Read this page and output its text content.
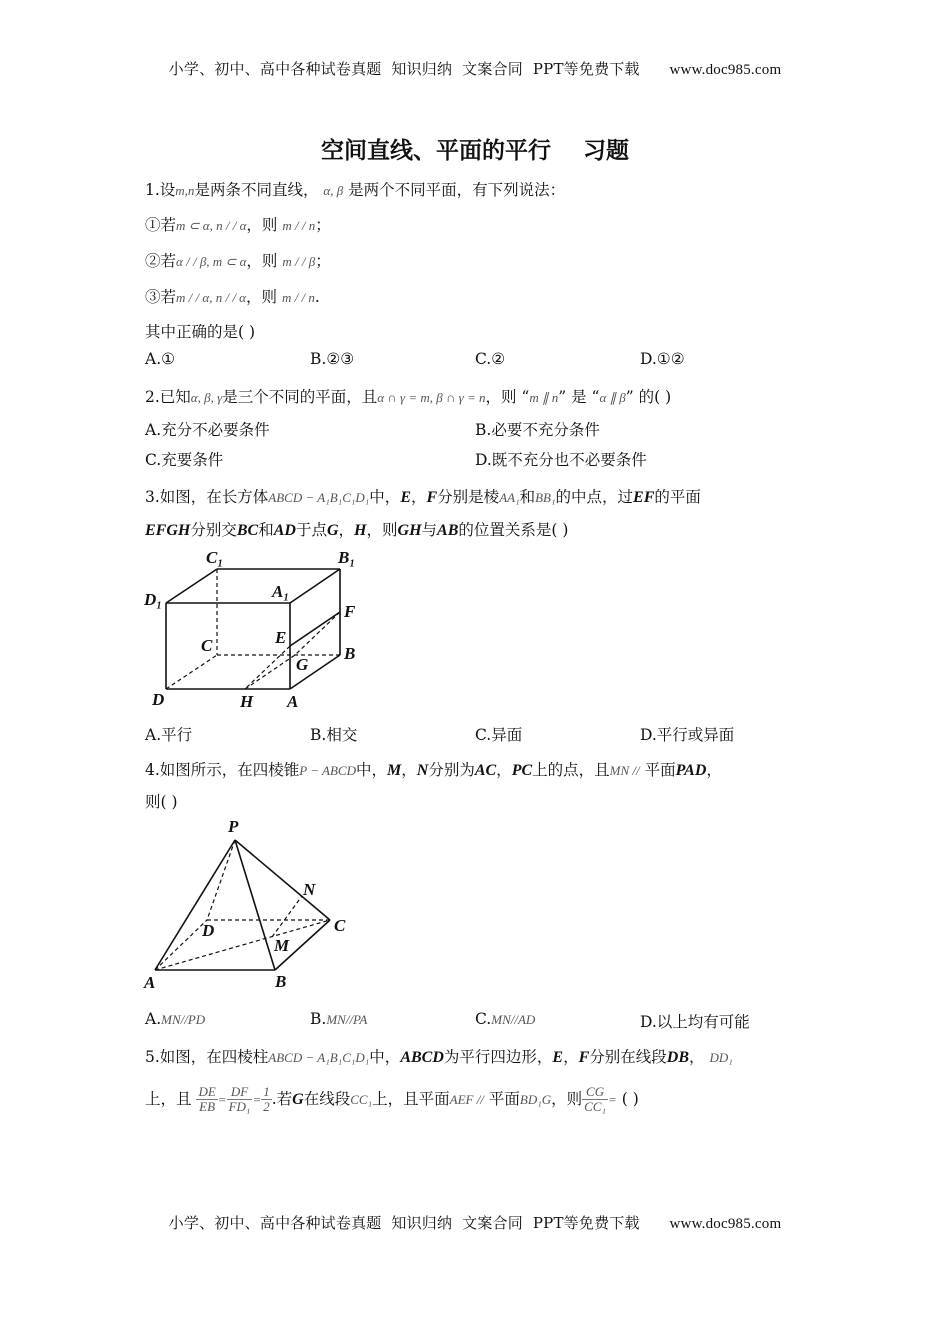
小学、初中、高中各种试卷真题  知识归纳  文案合同  PPT等免费下载 www.doc985.com
空间直线、平面的平行    习题
1.设m,n是两条不同直线， α, β 是两个不同平面，有下列说法：
①若m ⊂ α, n / / α，则 m / / n；
②若α / / β, m ⊂ α，则 m / / β；
③若m / / α, n / / α，则 m / / n.
其中正确的是( )
A.①	B.②③	C.②	D.①②
2.已知α, β, γ是三个不同的平面，且α ∩ γ = m, β ∩ γ = n，则 “m ∥ n” 是 “α ∥ β” 的( )
A.充分不必要条件	B.必要不充分条件
C.充要条件	D.既不充分也不必要条件
3.如图，在长方体ABCD − A₁B₁C₁D₁中，E，F分别是棱AA₁和BB₁的中点，过EF的平面
EFGH分别交BC和AD于点G，H，则GH与AB的位置关系是( )
C₁	B₁
D₁	A₁
F
C	E
G
B
D	H A
A.平行	B.相交	C.异面	D.平行或异面
4.如图所示，在四棱锥P − ABCD中，M，N分别为AC，PC上的点，且MN // 平面PAD，
则( )
P
N
C
D
M
A	B
A.MN//PD	B.MN//PA	C.MN//AD	D.以上均有可能
5.如图，在四棱柱ABCD − A₁B₁C₁D₁中，ABCD为平行四边形，E，F分别在线段DB， DD₁
上，且 $\frac{DE}{EB} = \frac{DF}{\text{FD₁}} = \frac{1}{2}$ .若G在线段CC₁上，且平面AEF // 平面BD₁G，则 $\frac{CG}{\text{CC₁}}$ = ( )
小学、初中、高中各种试卷真题  知识归纳  文案合同  PPT等免费下载 www.doc985.com
